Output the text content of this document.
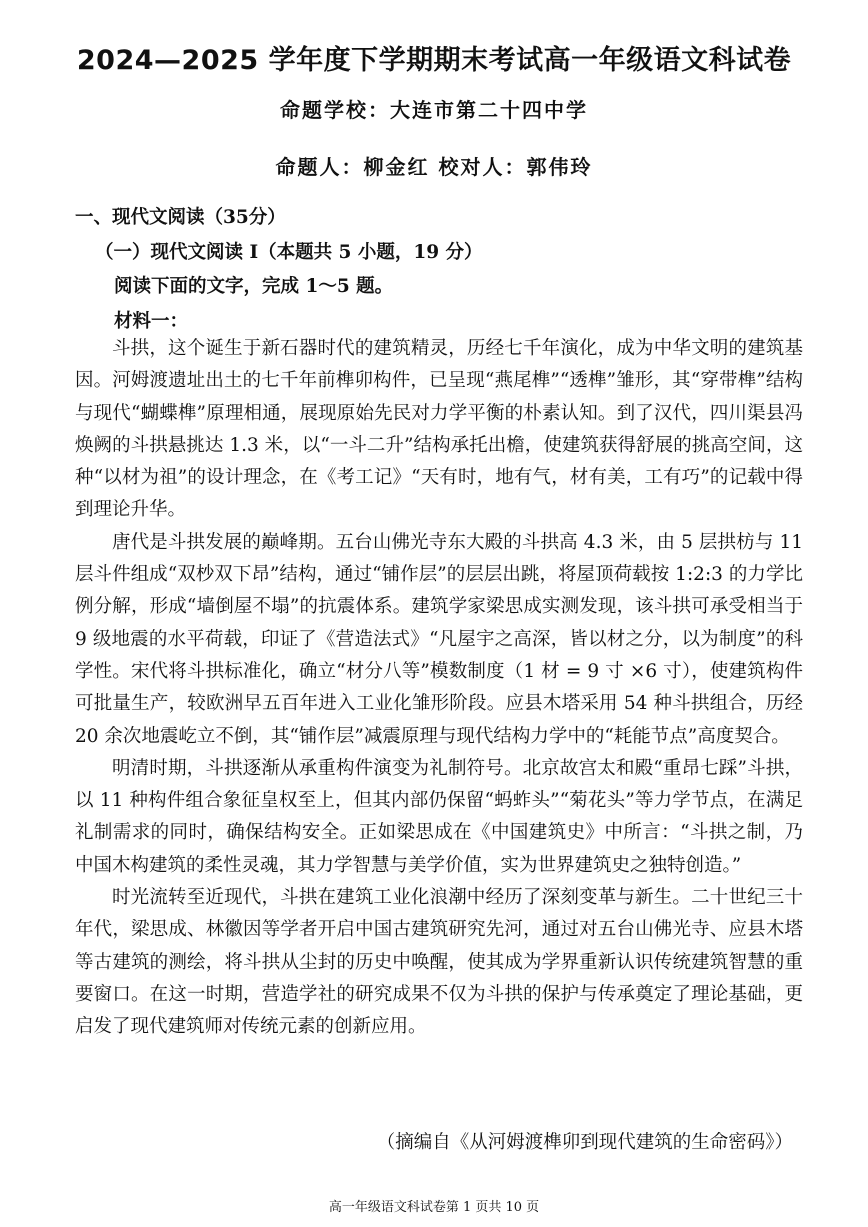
2024—2025 学年度下学期期末考试高一年级语文科试卷
命题学校：大连市第二十四中学
命题人：柳金红 校对人：郭伟玲
一、现代文阅读（35分）
（一）现代文阅读 I（本题共 5 小题，19 分）
阅读下面的文字，完成 1～5 题。
材料一：

斗拱，这个诞生于新石器时代的建筑精灵，历经七千年演化，成为中华文明的建筑基因。河姆渡遗址出土的七千年前榫卯构件，已呈现“燕尾榫”“透榫”雏形，其“穿带榫”结构与现代“蝴蝶榫”原理相通，展现原始先民对力学平衡的朴素认知。到了汉代，四川渠县冯焕阙的斗拱悬挑达 1.3 米，以“一斗二升”结构承托出檐，使建筑获得舒展的挑高空间，这种“以材为祖”的设计理念，在《考工记》“天有时，地有气，材有美，工有巧”的记载中得到理论升华。

唐代是斗拱发展的巅峰期。五台山佛光寺东大殿的斗拱高 4.3 米，由 5 层拱枋与 11 层斗件组成“双杪双下昂”结构，通过“铺作层”的层层出跳，将屋顶荷载按 1:2:3 的力学比例分解，形成“墙倒屋不塌”的抗震体系。建筑学家梁思成实测发现，该斗拱可承受相当于 9 级地震的水平荷载，印证了《营造法式》“凡屋宇之高深，皆以材之分，以为制度”的科学性。宋代将斗拱标准化，确立“材分八等”模数制度（1 材 = 9 寸 ×6 寸），使建筑构件可批量生产，较欧洲早五百年进入工业化雏形阶段。应县木塔采用 54 种斗拱组合，历经 20 余次地震屹立不倒，其“铺作层”减震原理与现代结构力学中的“耗能节点”高度契合。

明清时期，斗拱逐渐从承重构件演变为礼制符号。北京故宫太和殿“重昂七踩”斗拱，以 11 种构件组合象征皇权至上，但其内部仍保留“蚂蚱头”“菊花头”等力学节点，在满足礼制需求的同时，确保结构安全。正如梁思成在《中国建筑史》中所言：“斗拱之制，乃中国木构建筑的柔性灵魂，其力学智慧与美学价值，实为世界建筑史之独特创造。”

时光流转至近现代，斗拱在建筑工业化浪潮中经历了深刻变革与新生。二十世纪三十年代，梁思成、林徽因等学者开启中国古建筑研究先河，通过对五台山佛光寺、应县木塔等古建筑的测绘，将斗拱从尘封的历史中唤醒，使其成为学界重新认识传统建筑智慧的重要窗口。在这一时期，营造学社的研究成果不仅为斗拱的保护与传承奠定了理论基础，更启发了现代建筑师对传统元素的创新应用。

（摘编自《从河姆渡榫卯到现代建筑的生命密码》）
高一年级语文科试卷第 1 页共 10 页
